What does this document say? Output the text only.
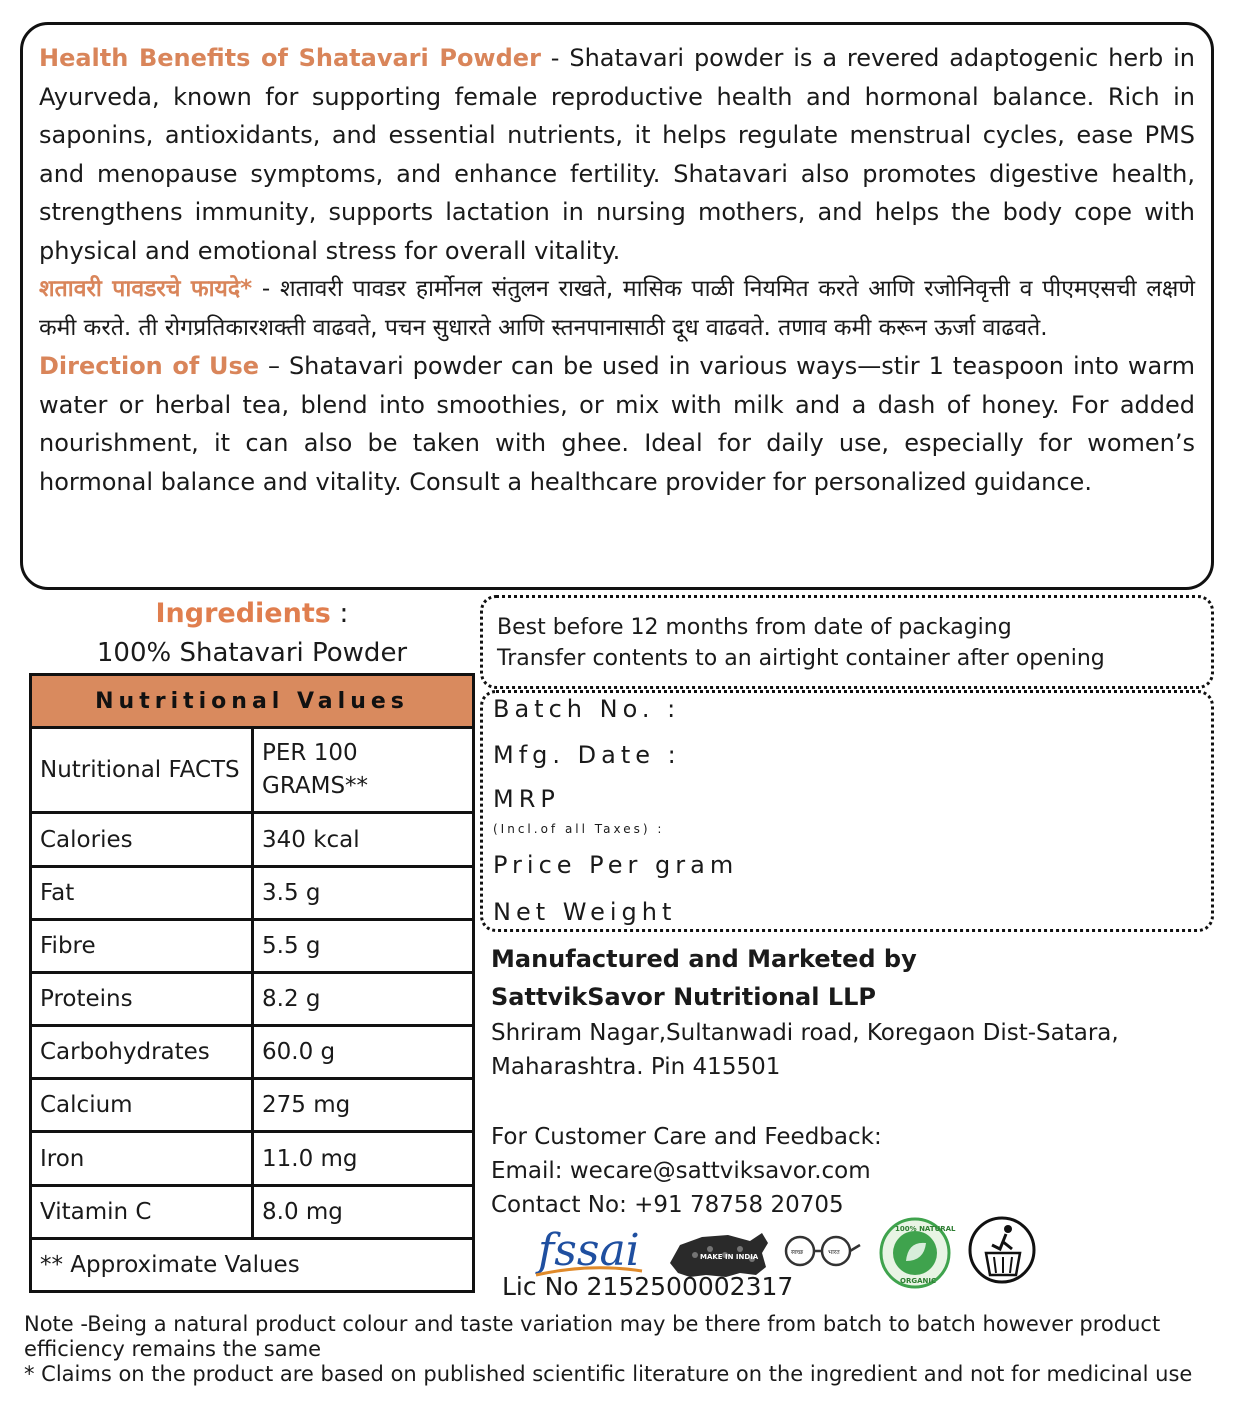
Health Benefits of Shatavari Powder - Shatavari powder is a revered adaptogenic herb in Ayurveda, known for supporting female reproductive health and hormonal balance. Rich in saponins, antioxidants, and essential nutrients, it helps regulate menstrual cycles, ease PMS and menopause symptoms, and enhance fertility. Shatavari also promotes digestive health, strengthens immunity, supports lactation in nursing mothers, and helps the body cope with physical and emotional stress for overall vitality.

शतावरी पावडरचे फायदे* - शतावरी पावडर हार्मोनल संतुलन राखते, मासिक पाळी नियमित करते आणि रजोनिवृत्ती व पीएमएसची लक्षणे कमी करते. ती रोगप्रतिकारशक्ती वाढवते, पचन सुधारते आणि स्तनपानासाठी दूध वाढवते. तणाव कमी करून ऊर्जा वाढवते.

Direction of Use – Shatavari powder can be used in various ways—stir 1 teaspoon into warm water or herbal tea, blend into smoothies, or mix with milk and a dash of honey. For added nourishment, it can also be taken with ghee. Ideal for daily use, especially for women’s hormonal balance and vitality. Consult a healthcare provider for personalized guidance.

Ingredients :
100% Shatavari Powder
Nutritional Values	
Nutritional FACTS	PER 100 GRAMS**
Calories	340 kcal
Fat	3.5 g
Fibre	5.5 g
Proteins	8.2 g
Carbohydrates	60.0 g
Calcium	275 mg
Iron	11.0 mg
Vitamin C	8.0 mg
** Approximate Values	
Best before 12 months from date of packaging
Transfer contents to an airtight container after opening
Batch No. :
Mfg. Date :
MRP
(Incl.of all Taxes) :
Price Per gram
Net Weight
Manufactured and Marketed by
SattvikSavor Nutritional LLP
Shriram Nagar,Sultanwadi road, Koregaon Dist-Satara,
Maharashtra. Pin 415501
For Customer Care and Feedback:
Email: wecare@sattviksavor.com
Contact No: +91 78758 20705
fssai	MAKE IN INDIA
स्वच्छ	भारत
100% NATURAL
ORGANIC
Lic No 2152500002317
Note -Being a natural product colour and taste variation may be there from batch to batch however product efficiency remains the same
* Claims on the product are based on published scientific literature on the ingredient and not for medicinal use
